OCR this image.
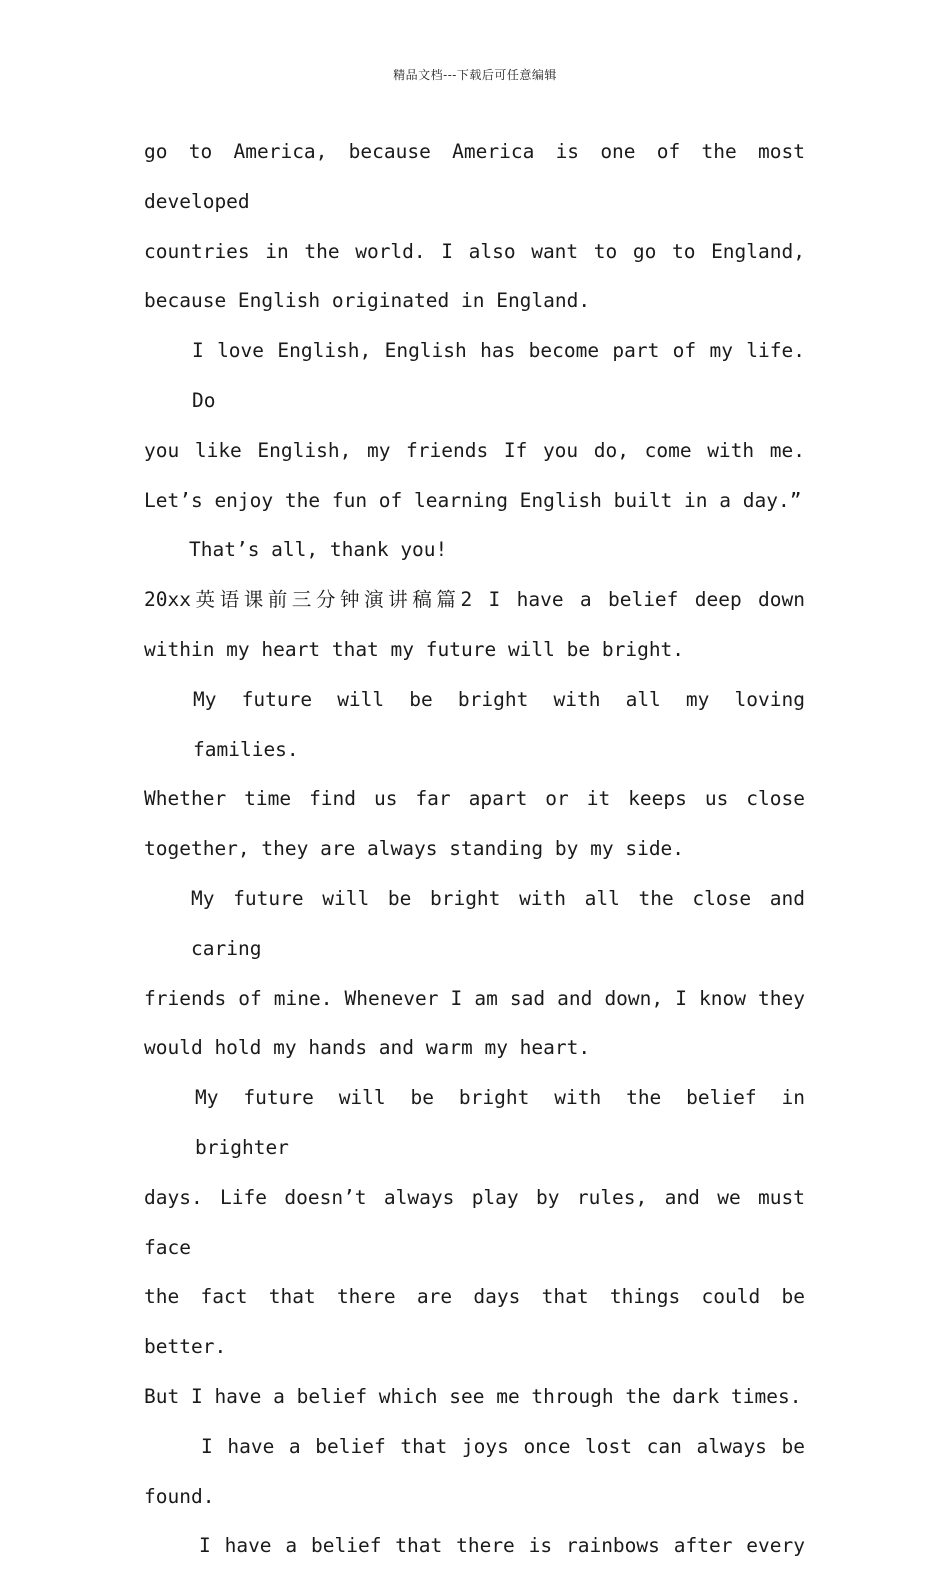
精品文档---下载后可任意编辑

go to America, because America is one of the most developed

countries in the world. I also want to go to England,

because English originated in England.

I love English, English has become part of my life. Do

you like English, my friends If you do, come with me.

Let’s enjoy the fun of learning English built in a day.”

That’s all, thank you!

20xx英语课前三分钟演讲稿篇2 I have a belief deep down

within my heart that my future will be bright.

My future will be bright with all my loving families.

Whether time find us far apart or it keeps us close

together, they are always standing by my side.

My future will be bright with all the close and caring

friends of mine. Whenever I am sad and down, I know they

would hold my hands and warm my heart.

My future will be bright with the belief in brighter

days. Life doesn’t always play by rules, and we must face

the fact that there are days that things could be better.

But I have a belief which see me through the dark times.

I have a belief that joys once lost can always be

found.

I have a belief that there is rainbows after every
